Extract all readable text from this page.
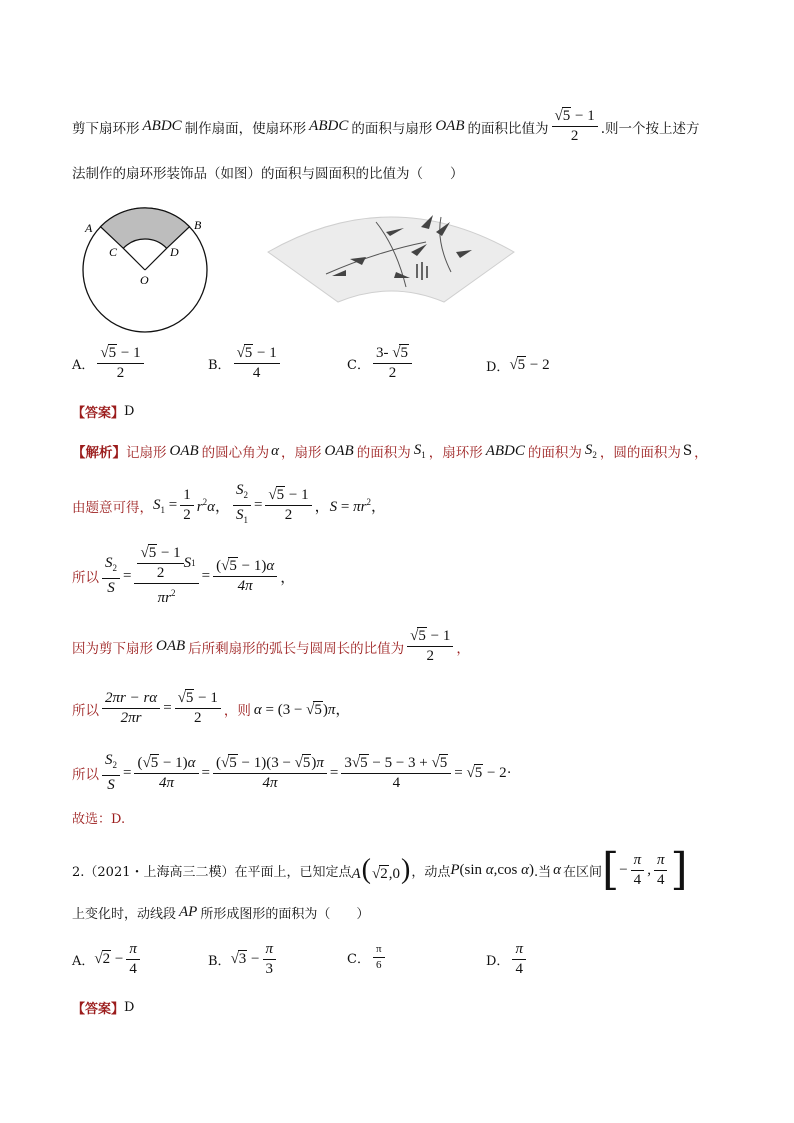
剪下扇环形 ABDC 制作扇面，使扇环形 ABDC 的面积与扇形 OAB 的面积比值为 $\frac{√5 - 1}{2}$ .则一个按上述方
法制作的扇环形装饰品（如图）的面积与圆面积的比值为（　　）
A	B
C	D
O
A． $\frac{√5 - 1}{2}$	B． $\frac{√5 - 1}{4}$	C． $\frac{3- √5}{2}$	D． √5 − 2
【答案】 D
【解析】 记扇形 OAB 的圆心角为 α ，扇形 OAB 的面积为 $S_1$ ，扇环形 ABDC 的面积为 $S_2$ ，圆的面积为 S ，
由题意可得， $S_1 = \frac{1}{2} r^2\alpha$， $\frac{S_2}{S_1} = \frac{√5 - 1}{2}$ ，$S = \pi r^2$，
所以 $\frac{S_2}{S} = \frac{\frac{√5 - 1}{2} S 1}{\pi r^2} = \frac{(√5 - 1)\alpha}{4\pi}$ ，
因为剪下扇形 OAB 后所剩扇形的弧长与圆周长的比值为 $\frac{√5 - 1}{2}$ ，
所以 $\frac{2\pi r - r\alpha}{2\pi r} = \frac{√5 - 1}{2}$ ，则 α = (3 − √5)π，
所以 $\frac{S_2}{S} = \frac{(√5 - 1)\alpha}{4\pi} = \frac{(√5 - 1)(3 - √5)\pi}{4\pi} = \frac{3√5 - 5 - 3 + √5}{4} = √5 - 2\cdot$
故选：D.
2.（2021・上海高三二模）在平面上，已知定点 A(√2,0) ，动点 P(sin α,cos α) .当 α 在区间 [ − $\frac{\pi}{4}$ , $\frac{\pi}{4}$ ]
上变化时，动线段 AP 所形成图形的面积为（　　）
A． $√2 - \frac{\pi}{4}$	B． $√3 - \frac{\pi}{3}$	C． $\frac{\pi}{6}$	D． $\frac{\pi}{4}$
【答案】 D
